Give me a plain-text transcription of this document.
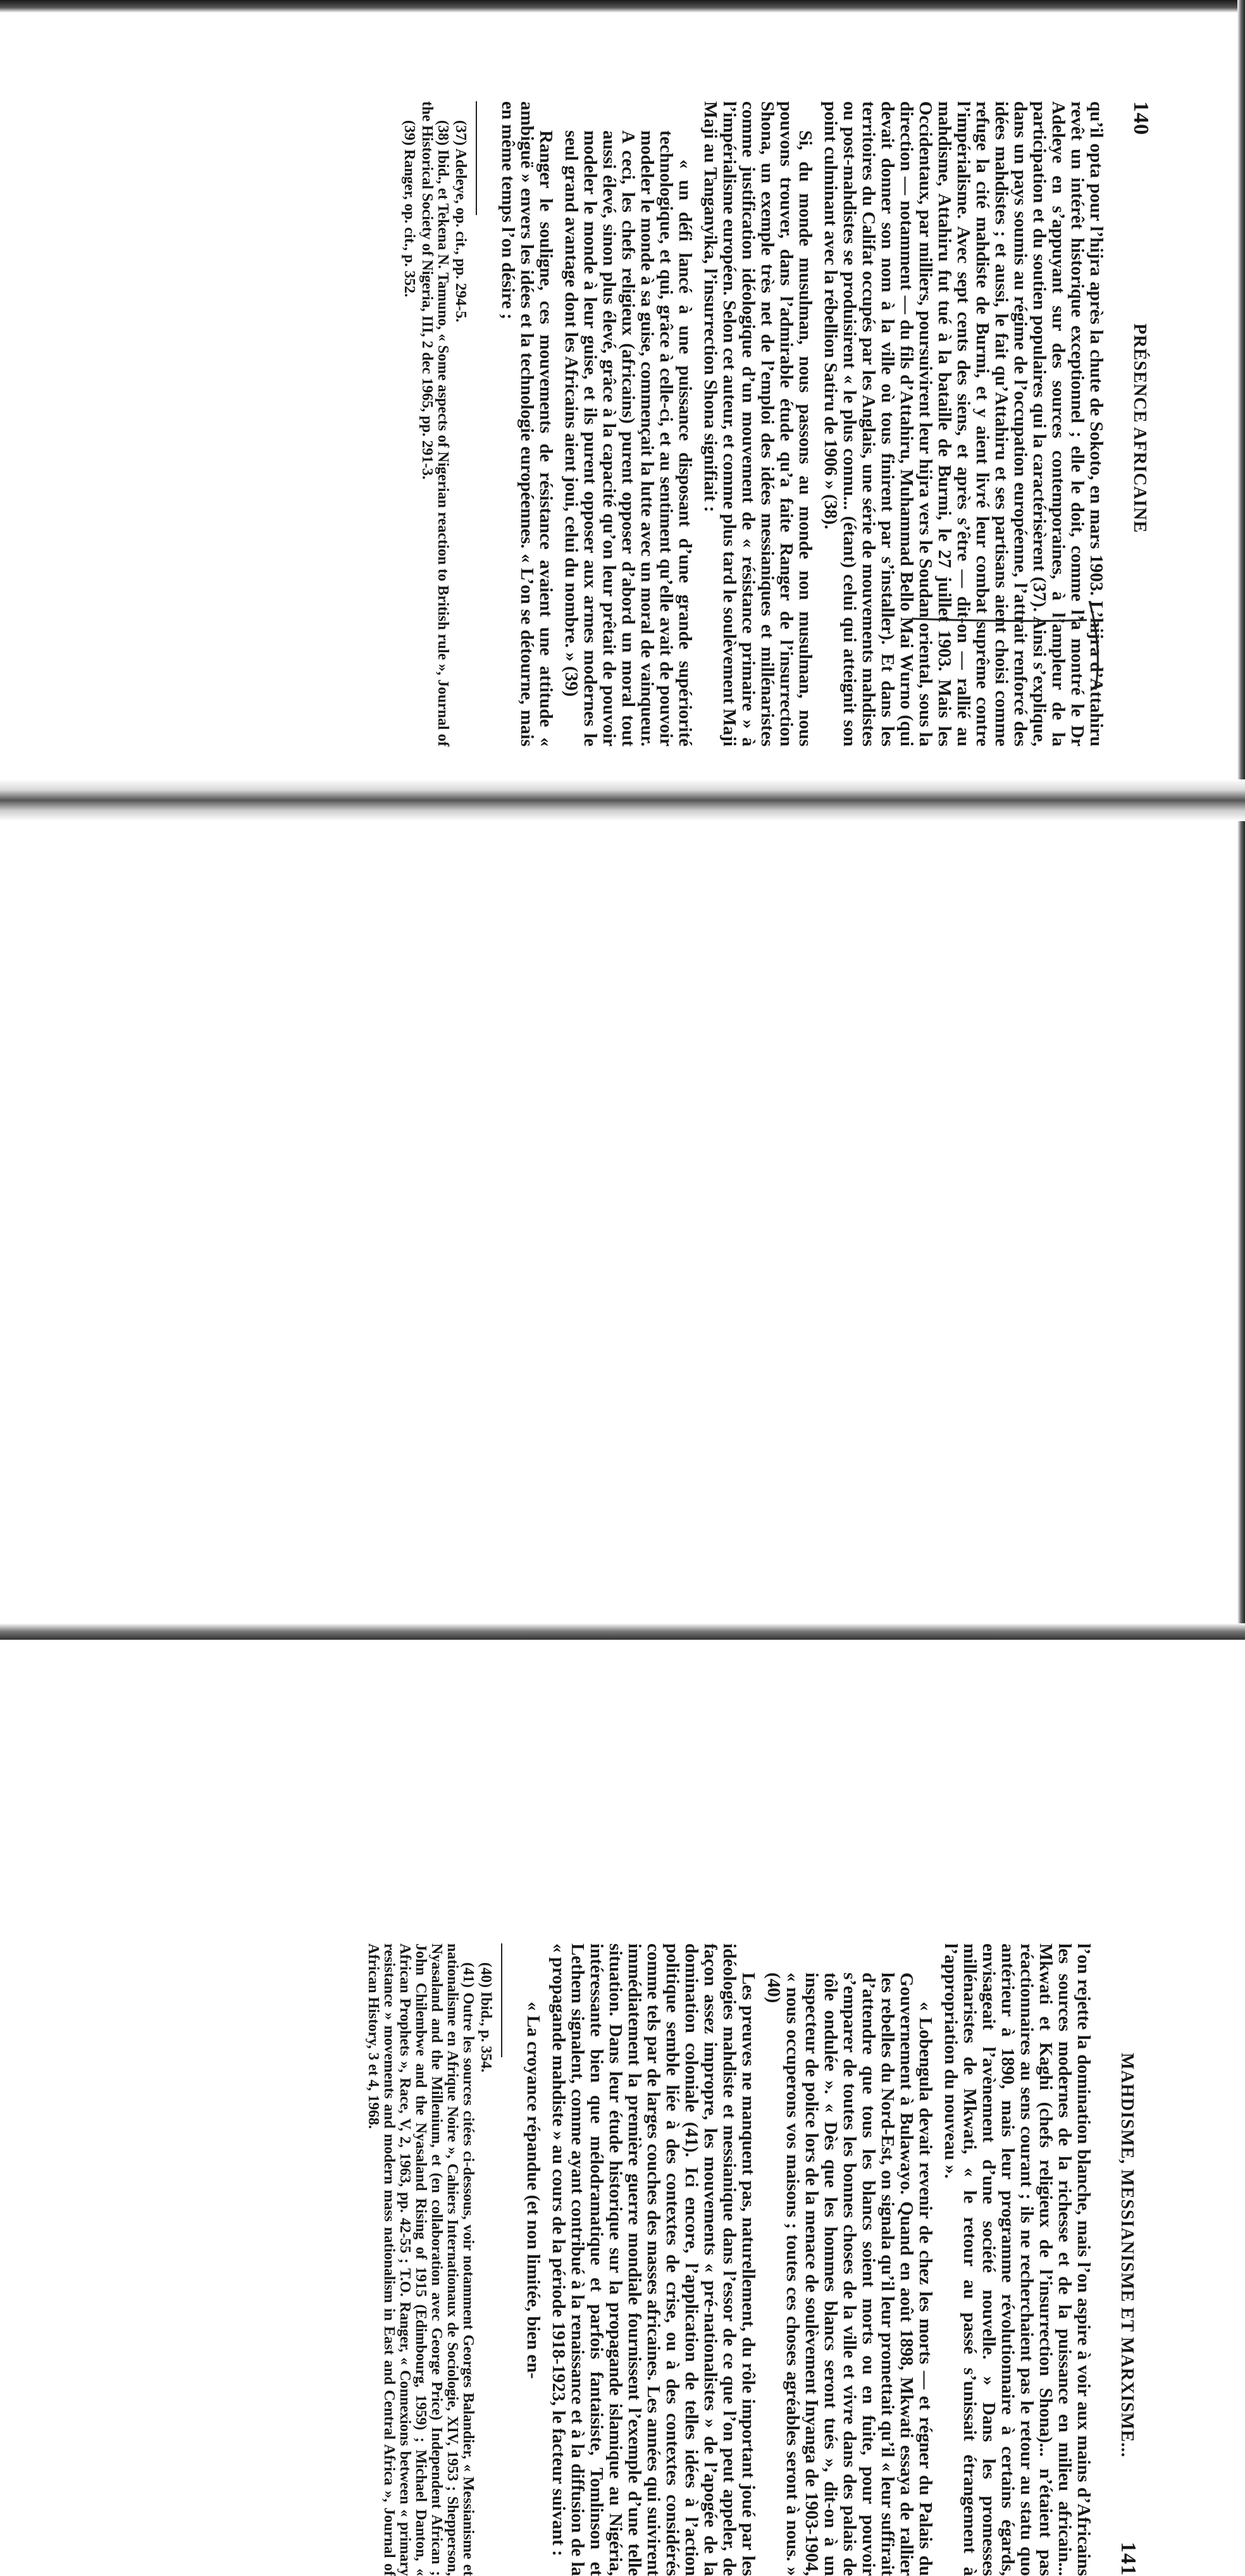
140
PRÉSENCE AFRICAINE

qu’il opta pour l’hijra après la chute de Sokoto, en mars 1903. L’hijra d’Attahiru revêt un intérêt historique exceptionnel ; elle le doit, comme l’a montré le Dr Adeleye en s’appuyant sur des sources contemporaines, à l’ampleur de la participation et du soutien populaires qui la caractérisèrent (37). Ainsi s’explique, dans un pays soumis au régime de l’occupation européenne, l’attrait renforcé des idées mahdistes ; et aussi, le fait qu’Attahiru et ses partisans aient choisi comme refuge la cité mahdiste de Burmi, et y aient livré leur combat suprême contre l’impérialisme. Avec sept cents des siens, et après s’être — dit-on — rallié au mahdisme, Attahiru fut tué à la bataille de Burmi, le 27 juillet 1903. Mais les Occidentaux, par milliers, poursuivirent leur hijra vers le Soudan oriental, sous la direction — notamment — du fils d’Attahiru, Muhammad Bello Mai Wurno (qui devait donner son nom à la ville où tous finirent par s’installer). Et dans les territoires du Califat occupés par les Anglais, une série de mouvements mahdistes ou post-mahdistes se produisirent « le plus connu... (étant) celui qui atteignit son point culminant avec la rébellion Satiru de 1906 » (38).

Si, du monde musulman, nous passons au monde non musulman, nous pouvons trouver, dans l’admirable étude qu’a faite Ranger de l’insurrection Shona, un exemple très net de l’emploi des idées messianiques et millénaristes comme justification idéologique d’un mouvement de « résistance primaire » à l’impérialisme européen. Selon cet auteur, et comme plus tard le soulèvement Maji Maji au Tanganyika, l’insurrection Shona signifiait :

« un défi lancé à une puissance disposant d’une grande supériorité technologique, et qui, grâce à celle-ci, et au sentiment qu’elle avait de pouvoir modeler le monde à sa guise, commençait la lutte avec un moral de vainqueur. A ceci, les chefs religieux (africains) purent opposer d’abord un moral tout aussi élevé, sinon plus élevé, grâce à la capacité qu’on leur prêtait de pouvoir modeler le monde à leur guise, et ils purent opposer aux armes modernes le seul grand avantage dont les Africains aient joui, celui du nombre. » (39)

Ranger le souligne, ces mouvements de résistance avaient une attitude « ambiguë » envers les idées et la technologie européennes. « L’on se détourne, mais en même temps l’on désire ;

(37) Adeleye, op. cit., pp. 294-5.

(38) Ibid., et Tekena N. Tamuno, « Some aspects of Nigerian reaction to British rule », Journal of the Historical Society of Nigeria, III, 2 dec 1965, pp. 291-3.

(39) Ranger, op. cit., p. 352.

MAHDISME, MESSIANISME ET MARXISME...
141

l’on rejette la domination blanche, mais l’on aspire à voir aux mains d’Africains les sources modernes de la richesse et de la puissance en milieu africain... Mkwati et Kaghi (chefs religieux de l’insurrection Shona)... n’étaient pas réactionnaires au sens courant ; ils ne recherchaient pas le retour au statu quo antérieur à 1890, mais leur programme révolutionnaire à certains égards, envisageait l’avènement d’une société nouvelle. » Dans les promesses millénaristes de Mkwati, « le retour au passé s’unissait étrangement à l’appropriation du nouveau ».

« Lobengula devait revenir de chez les morts — et régner du Palais du Gouvernement à Bulawayo. Quand en août 1898, Mkwati essaya de rallier les rebelles du Nord-Est, on signala qu’il leur promettait qu’il « leur suffirait d’attendre que tous les blancs soient morts ou en fuite, pour pouvoir s’emparer de toutes les bonnes choses de la ville et vivre dans des palais de tôle ondulée ». « Dès que les hommes blancs seront tués », dit-on à un inspecteur de police lors de la menace de soulèvement Inyanga de 1903-1904, « nous occuperons vos maisons ; toutes ces choses agréables seront à nous. » (40)

Les preuves ne manquent pas, naturellement, du rôle important joué par les idéologies mahdiste et messianique dans l’essor de ce que l’on peut appeler, de façon assez impropre, les mouvements « pré-nationalistes » de l’apogée de la domination coloniale (41). Ici encore, l’application de telles idées à l’action politique semble liée à des contextes de crise, ou à des contextes considérés comme tels par de larges couches des masses africaines. Les années qui suivirent immédiatement la première guerre mondiale fournissent l’exemple d’une telle situation. Dans leur étude historique sur la propagande islamique au Nigéria, intéressante bien que mélodramatique et parfois fantaisiste, Tomlinson et Lethem signalent, comme ayant contribué à la renaissance et à la diffusion de la « propagande mahdiste » au cours de la période 1918-1923, le facteur suivant :

« La croyance répandue (et non limitée, bien en-

(40) Ibid., p. 354.

(41) Outre les sources citées ci-dessous, voir notamment Georges Balandier, « Messianisme et nationalisme en Afrique Noire », Cahiers Internationaux de Sociologie, XIV, 1953 ; Shepperson, Nyasaland and the Millenium, et (en collaboration avec George Price) Independent African ; John Chilembwe and the Nyasaland Rising of 1915 (Edimbourg, 1959) ; Michael Danton, « African Prophets », Race, V, 2, 1963, pp. 42-55 ; T.O. Ranger, « Connexions between « primary resistance » movements and modern mass nationalism in East and Central Africa », Journal of African History, 3 et 4, 1968.
